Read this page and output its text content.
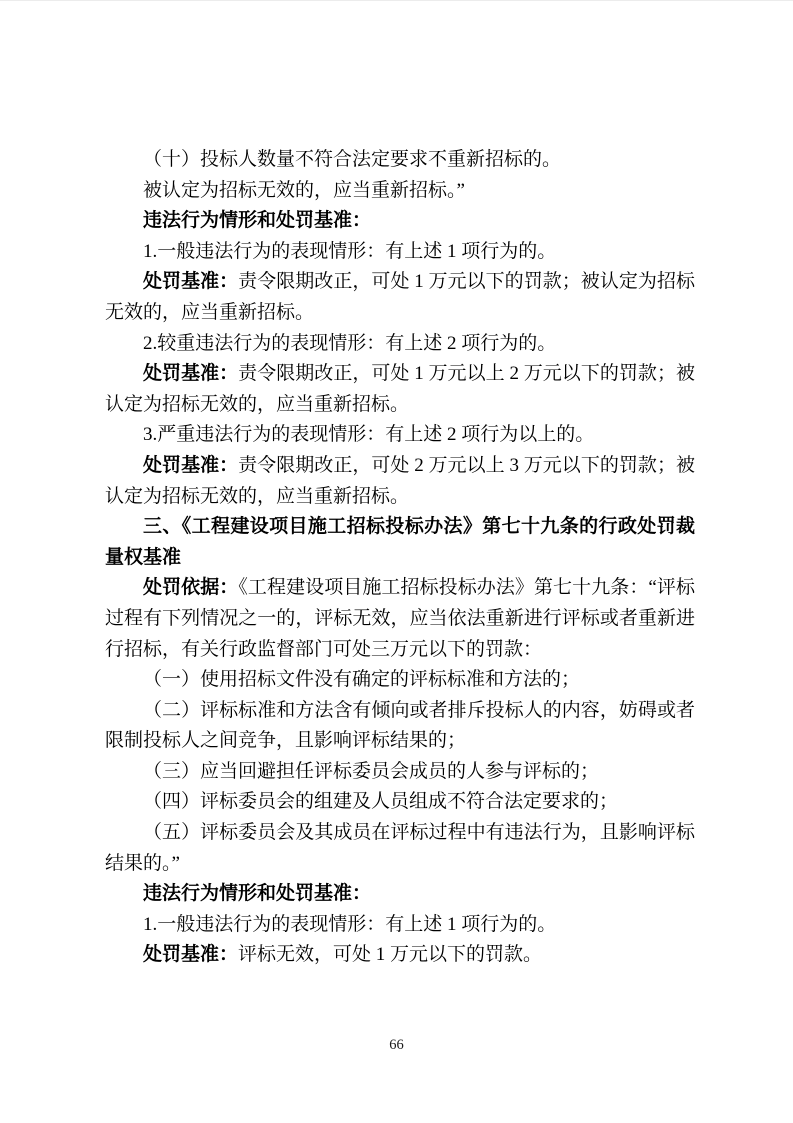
（十）投标人数量不符合法定要求不重新招标的。

被认定为招标无效的，应当重新招标。”

违法行为情形和处罚基准：

1.一般违法行为的表现情形：有上述 1 项行为的。

处罚基准：责令限期改正，可处 1 万元以下的罚款；被认定为招标无效的，应当重新招标。

2.较重违法行为的表现情形：有上述 2 项行为的。

处罚基准：责令限期改正，可处 1 万元以上 2 万元以下的罚款；被认定为招标无效的，应当重新招标。

3.严重违法行为的表现情形：有上述 2 项行为以上的。

处罚基准：责令限期改正，可处 2 万元以上 3 万元以下的罚款；被认定为招标无效的，应当重新招标。

三、《工程建设项目施工招标投标办法》第七十九条的行政处罚裁量权基准

处罚依据：《工程建设项目施工招标投标办法》第七十九条：“评标过程有下列情况之一的，评标无效，应当依法重新进行评标或者重新进行招标，有关行政监督部门可处三万元以下的罚款：

（一）使用招标文件没有确定的评标标准和方法的；

（二）评标标准和方法含有倾向或者排斥投标人的内容，妨碍或者限制投标人之间竞争，且影响评标结果的；

（三）应当回避担任评标委员会成员的人参与评标的；

（四）评标委员会的组建及人员组成不符合法定要求的；

（五）评标委员会及其成员在评标过程中有违法行为，且影响评标结果的。”

违法行为情形和处罚基准：

1.一般违法行为的表现情形：有上述 1 项行为的。

处罚基准：评标无效，可处 1 万元以下的罚款。

66
